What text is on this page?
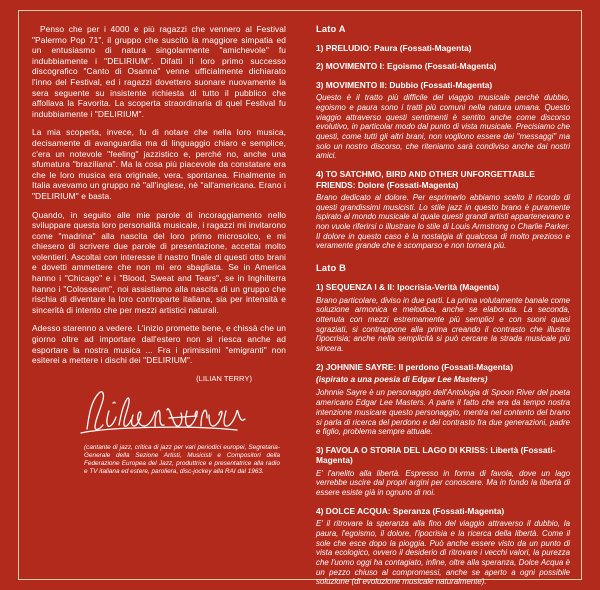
Penso che per i 4000 e più ragazzi che vennero al Festival "Palermo Pop 71", il gruppo che suscitò la maggiore simpatia ed un entusiasmo di natura singolarmente "amichevole" fu indubbiamente i "DELIRIUM". Difatti il loro primo successo discografico "Canto di Osanna" venne ufficialmente dichiarato l'inno del Festival, ed i ragazzi dovettero suonare nuovamente la sera seguente su insistente richiesta di tutto il pubblico che affollava la Favorita. La scoperta straordinaria di quel Festival fu indubbiamente i "DELIRIUM".

La mia scoperta, invece, fu di notare che nella loro musica, decisamente di avanguardia ma di linguaggio chiaro e semplice, c'era un notevole "feeling" jazzistico e, perché no, anche una sfumatura "braziliana". Ma la cosa più piacevole da constatare era che le loro musica era originale, vera, spontanea. Finalmente in Italia avevamo un gruppo nè "all'inglese, nè "all'americana. Erano i "DELIRIUM" e basta.

Quando, in seguito alle mie parole di incoraggiamento nello sviluppare questa loro personalità musicale, i ragazzi mi invitarono come "madrina" alla nascita del loro primo microsolco, e mi chiesero di scrivere due parole di presentazione, accettai molto volentieri. Ascoltai con interesse il nastro finale di questi otto brani e dovetti ammettere che non mi ero sbagliata. Se in America hanno i "Chicago" e i "Blood, Sweat and Tears", se in Inghilterra hanno i "Colosseum", noi assistiamo alla nascita di un gruppo che rischia di diventare la loro controparte italiana, sia per intensità e sincerità di intento che per mezzi artistici naturali.

Adesso starenno a vedere. L'inizio promette bene, e chissà che un giorno oltre ad importare dall'estero non si riesca anche ad esportare la nostra musica ... Fra i primissimi "emigranti" non esiterei a mettere i dischi dei "DELIRIUM".

(LILIAN TERRY)

(cantante di jazz, critica di jazz per vari periodici europei, Segretaria-Generale della Sezione Artisti, Musicisti e Compositori della Federazione Europea del Jazz, produttrice e presentatrice alla radio e TV italiana ed estere, paroliera, disc-jockey alla RAI dal 1963.

Lato A

1) PRELUDIO: Paura (Fossati-Magenta)

2) MOVIMENTO I: Egoismo (Fossati-Magenta)

3) MOVIMENTO II: Dubbio (Fossati-Magenta)

Questo è il tratto più difficile del viaggio musicale perchè dubbio, egoismo e paura sono i tratti più comuni nella natura umana. Questo viaggio attraverso questi sentimenti è sentito anche come discorso evolutivo, in particolar modo dal punto di vista musicale. Precisiamo che questi, come tutti gli altri brani, non vogliono essere dei "messaggi" ma solo un nostro discorso, che riteniamo sarà condiviso anche dai nostri amici.

4) TO SATCHMO, BIRD AND OTHER UNFORGETTABLE FRIENDS: Dolore (Fossati-Magenta)

Brano dedicato al dolore. Per esprimerlo abbiamo scelto il ricordo di questi grandissimi musicisti. Lo stile jazz in questo brano è puramente ispirato al mondo musicale al quale questi grandi artisti appartenevano e non vuole riferirsi o illustrare lo stile di Louis Armstrong o Charlie Parker. Il dolore in questo caso è la nostalgia di qualcosa di molto prezioso e veramente grande che è scomparso e non tornerà più.

Lato B

1) SEQUENZA I & II: Ipocrisia-Verità (Magenta)

Brano particolare, diviso in due parti. La prima volutamente banale come soluzione armonica e melodica, anche se elaborata. La seconda, ottenuta con mezzi estremamente più semplici e con suoni quasi sgraziati, si contrappone alla prima creando il contrasto che illustra l'ipocrisia; anche nella semplicità si può cercare la strada musicale più sincera.

2) JOHNNIE SAYRE: Il perdono (Fossati-Magenta)

(ispirato a una poesia di Edgar Lee Masters)

Johnnie Sayre è un personaggio dell'Antologia di Spoon River del poeta americano Edgar Lee Masters. A parte il fatto che era da tempo nostra intenzione musicare questo personaggio, mentra nel contento del brano si parla di ricerca del perdono e del contrasto fra due generazioni, padre e figlio, problema sempre attuale.

3) FAVOLA O STORIA DEL LAGO DI KRISS: Libertà (Fossati-Magenta)

E' l'anelito alla libertà. Espresso in forma di favola, dove un lago verrebbe uscire dal propri argini per conoscere. Ma in fondo la libertà di essere esiste già in ognuno di noi.

4) DOLCE ACQUA: Speranza (Fossati-Magenta)

E' il ritrovare la speranza alla fino del viaggio attraverso il dubbio, la paura, l'egoismo, il dolore, l'ipocrisia e la ricerca della libertà. Come il sole che esce dopo la pioggia. Può anche essere visto da un punto di vista ecologico, ovvero il desiderio di ritrovare i vecchi valori, la purezza che l'uomo oggi ha contagiato, infine, oltre alla speranza, Dolce Acqua è un pezzo chiuso al compromessi, anche se aperto a ogni possibile soluzione (di evoluzione musicale naturalmente).
